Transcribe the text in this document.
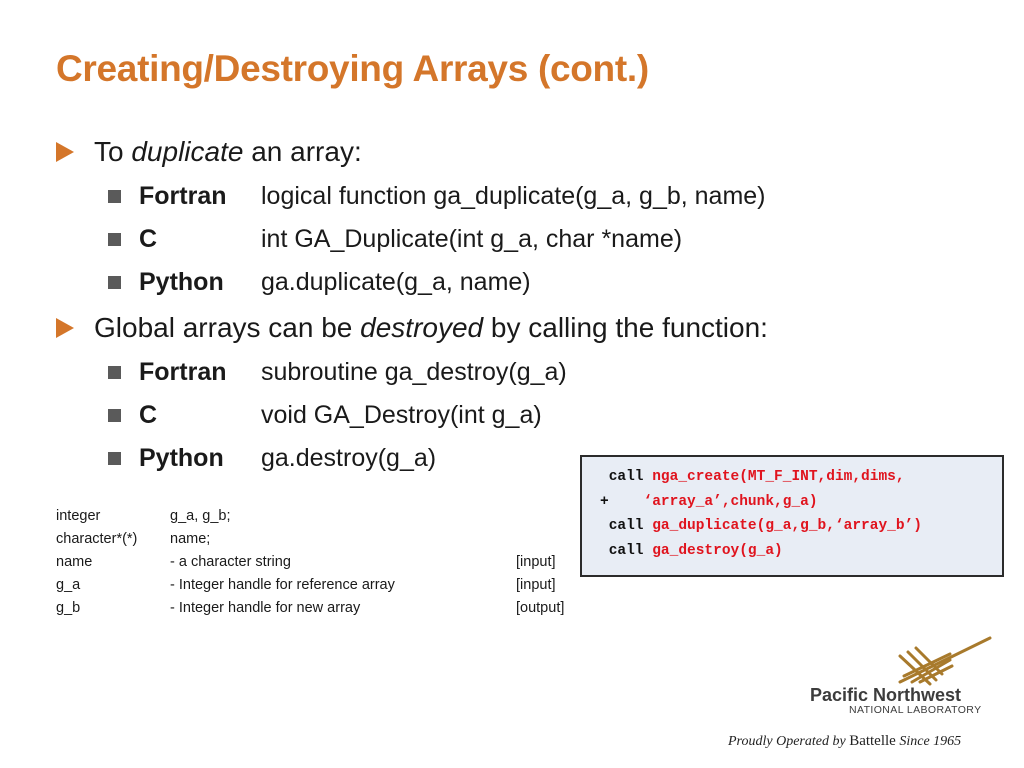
Creating/Destroying Arrays (cont.)
To duplicate an array:
Fortran	logical function ga_duplicate(g_a, g_b, name)
C	int GA_Duplicate(int g_a, char *name)
Python	ga.duplicate(g_a, name)
Global arrays can be destroyed by calling the function:
Fortran	subroutine ga_destroy(g_a)
C	void GA_Destroy(int g_a)
Python	ga.destroy(g_a)
integer	g_a, g_b;
character*(*) name;
name	- a character string	[input]
g_a	- Integer handle for reference array	[input]
g_b	- Integer handle for new array	[output]
call nga_create(MT_F_INT,dim,dims,
+    ‘array_a’,chunk,g_a)
call ga_duplicate(g_a,g_b,‘array_b’)
call ga_destroy(g_a)
Pacific Northwest
NATIONAL LABORATORY
Proudly Operated by Battelle Since 1965
